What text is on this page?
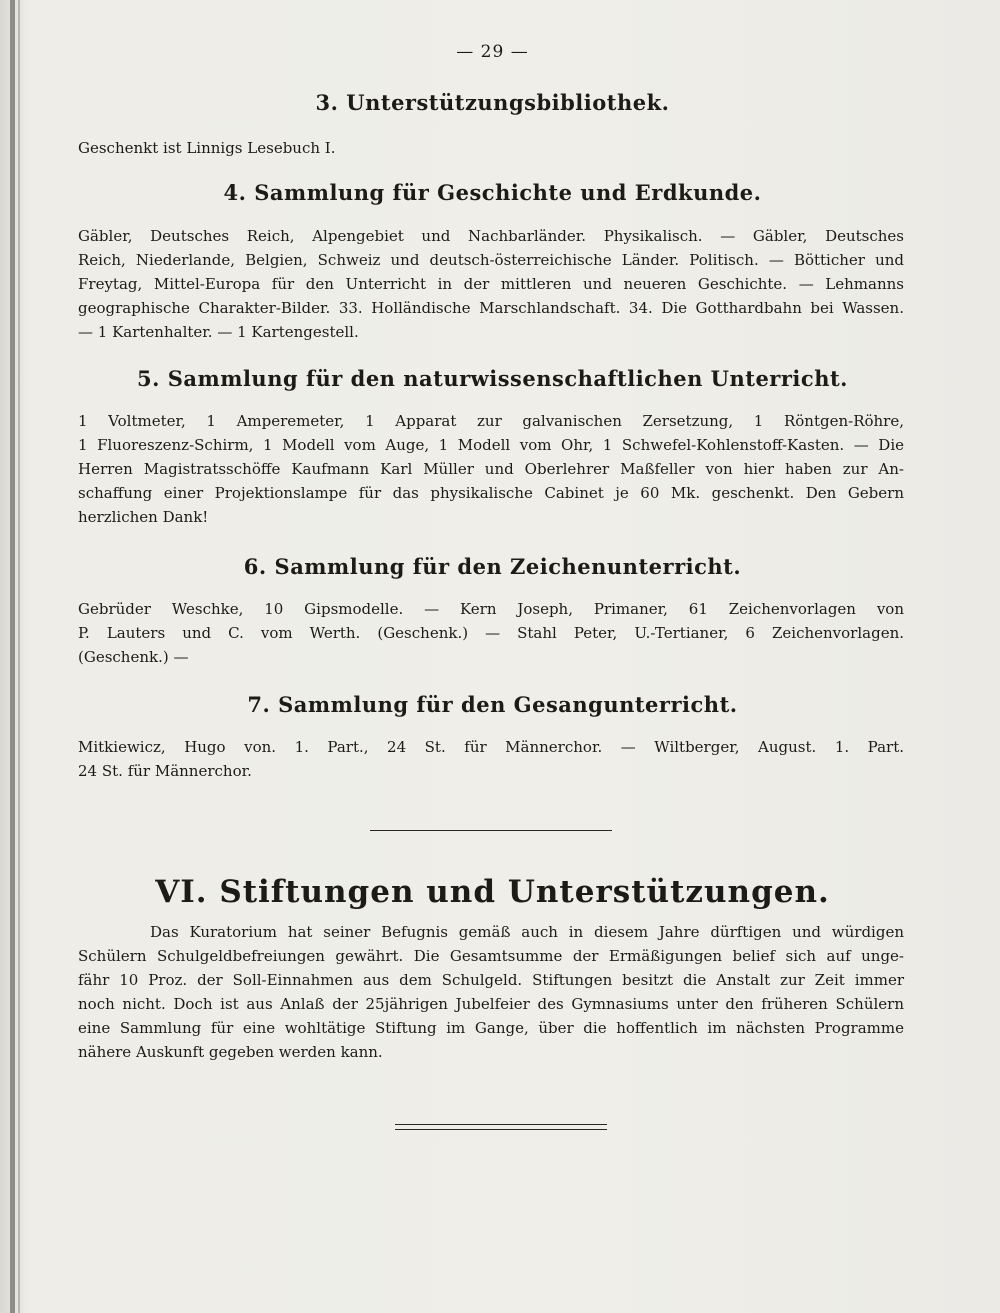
— 29 —
3. Unterstützungsbibliothek.
Geschenkt ist Linnigs Lesebuch I.
4. Sammlung für Geschichte und Erdkunde.
Gäbler, Deutsches Reich, Alpengebiet und Nachbarländer. Physikalisch. — Gäbler, Deutsches
Reich, Niederlande, Belgien, Schweiz und deutsch-österreichische Länder. Politisch. — Bötticher und
Freytag, Mittel-Europa für den Unterricht in der mittleren und neueren Geschichte. — Lehmanns
geographische Charakter-Bilder. 33. Holländische Marschlandschaft. 34. Die Gotthardbahn bei Wassen.
— 1 Kartenhalter. — 1 Kartengestell.
5. Sammlung für den naturwissenschaftlichen Unterricht.
1 Voltmeter, 1 Amperemeter, 1 Apparat zur galvanischen Zersetzung, 1 Röntgen-Röhre,
1 Fluoreszenz-Schirm, 1 Modell vom Auge, 1 Modell vom Ohr, 1 Schwefel-Kohlenstoff-Kasten. — Die
Herren Magistratsschöffe Kaufmann Karl Müller und Oberlehrer Maßfeller von hier haben zur An-
schaffung einer Projektionslampe für das physikalische Cabinet je 60 Mk. geschenkt. Den Gebern
herzlichen Dank!
6. Sammlung für den Zeichenunterricht.
Gebrüder Weschke, 10 Gipsmodelle. — Kern Joseph, Primaner, 61 Zeichenvorlagen von
P. Lauters und C. vom Werth. (Geschenk.) — Stahl Peter, U.-Tertianer, 6 Zeichenvorlagen.
(Geschenk.) —
7. Sammlung für den Gesangunterricht.
Mitkiewicz, Hugo von. 1. Part., 24 St. für Männerchor. — Wiltberger, August. 1. Part.
24 St. für Männerchor.
VI. Stiftungen und Unterstützungen.
Das Kuratorium hat seiner Befugnis gemäß auch in diesem Jahre dürftigen und würdigen
Schülern Schulgeldbefreiungen gewährt. Die Gesamtsumme der Ermäßigungen belief sich auf unge-
fähr 10 Proz. der Soll-Einnahmen aus dem Schulgeld. Stiftungen besitzt die Anstalt zur Zeit immer
noch nicht. Doch ist aus Anlaß der 25jährigen Jubelfeier des Gymnasiums unter den früheren Schülern
eine Sammlung für eine wohltätige Stiftung im Gange, über die hoffentlich im nächsten Programme
nähere Auskunft gegeben werden kann.
